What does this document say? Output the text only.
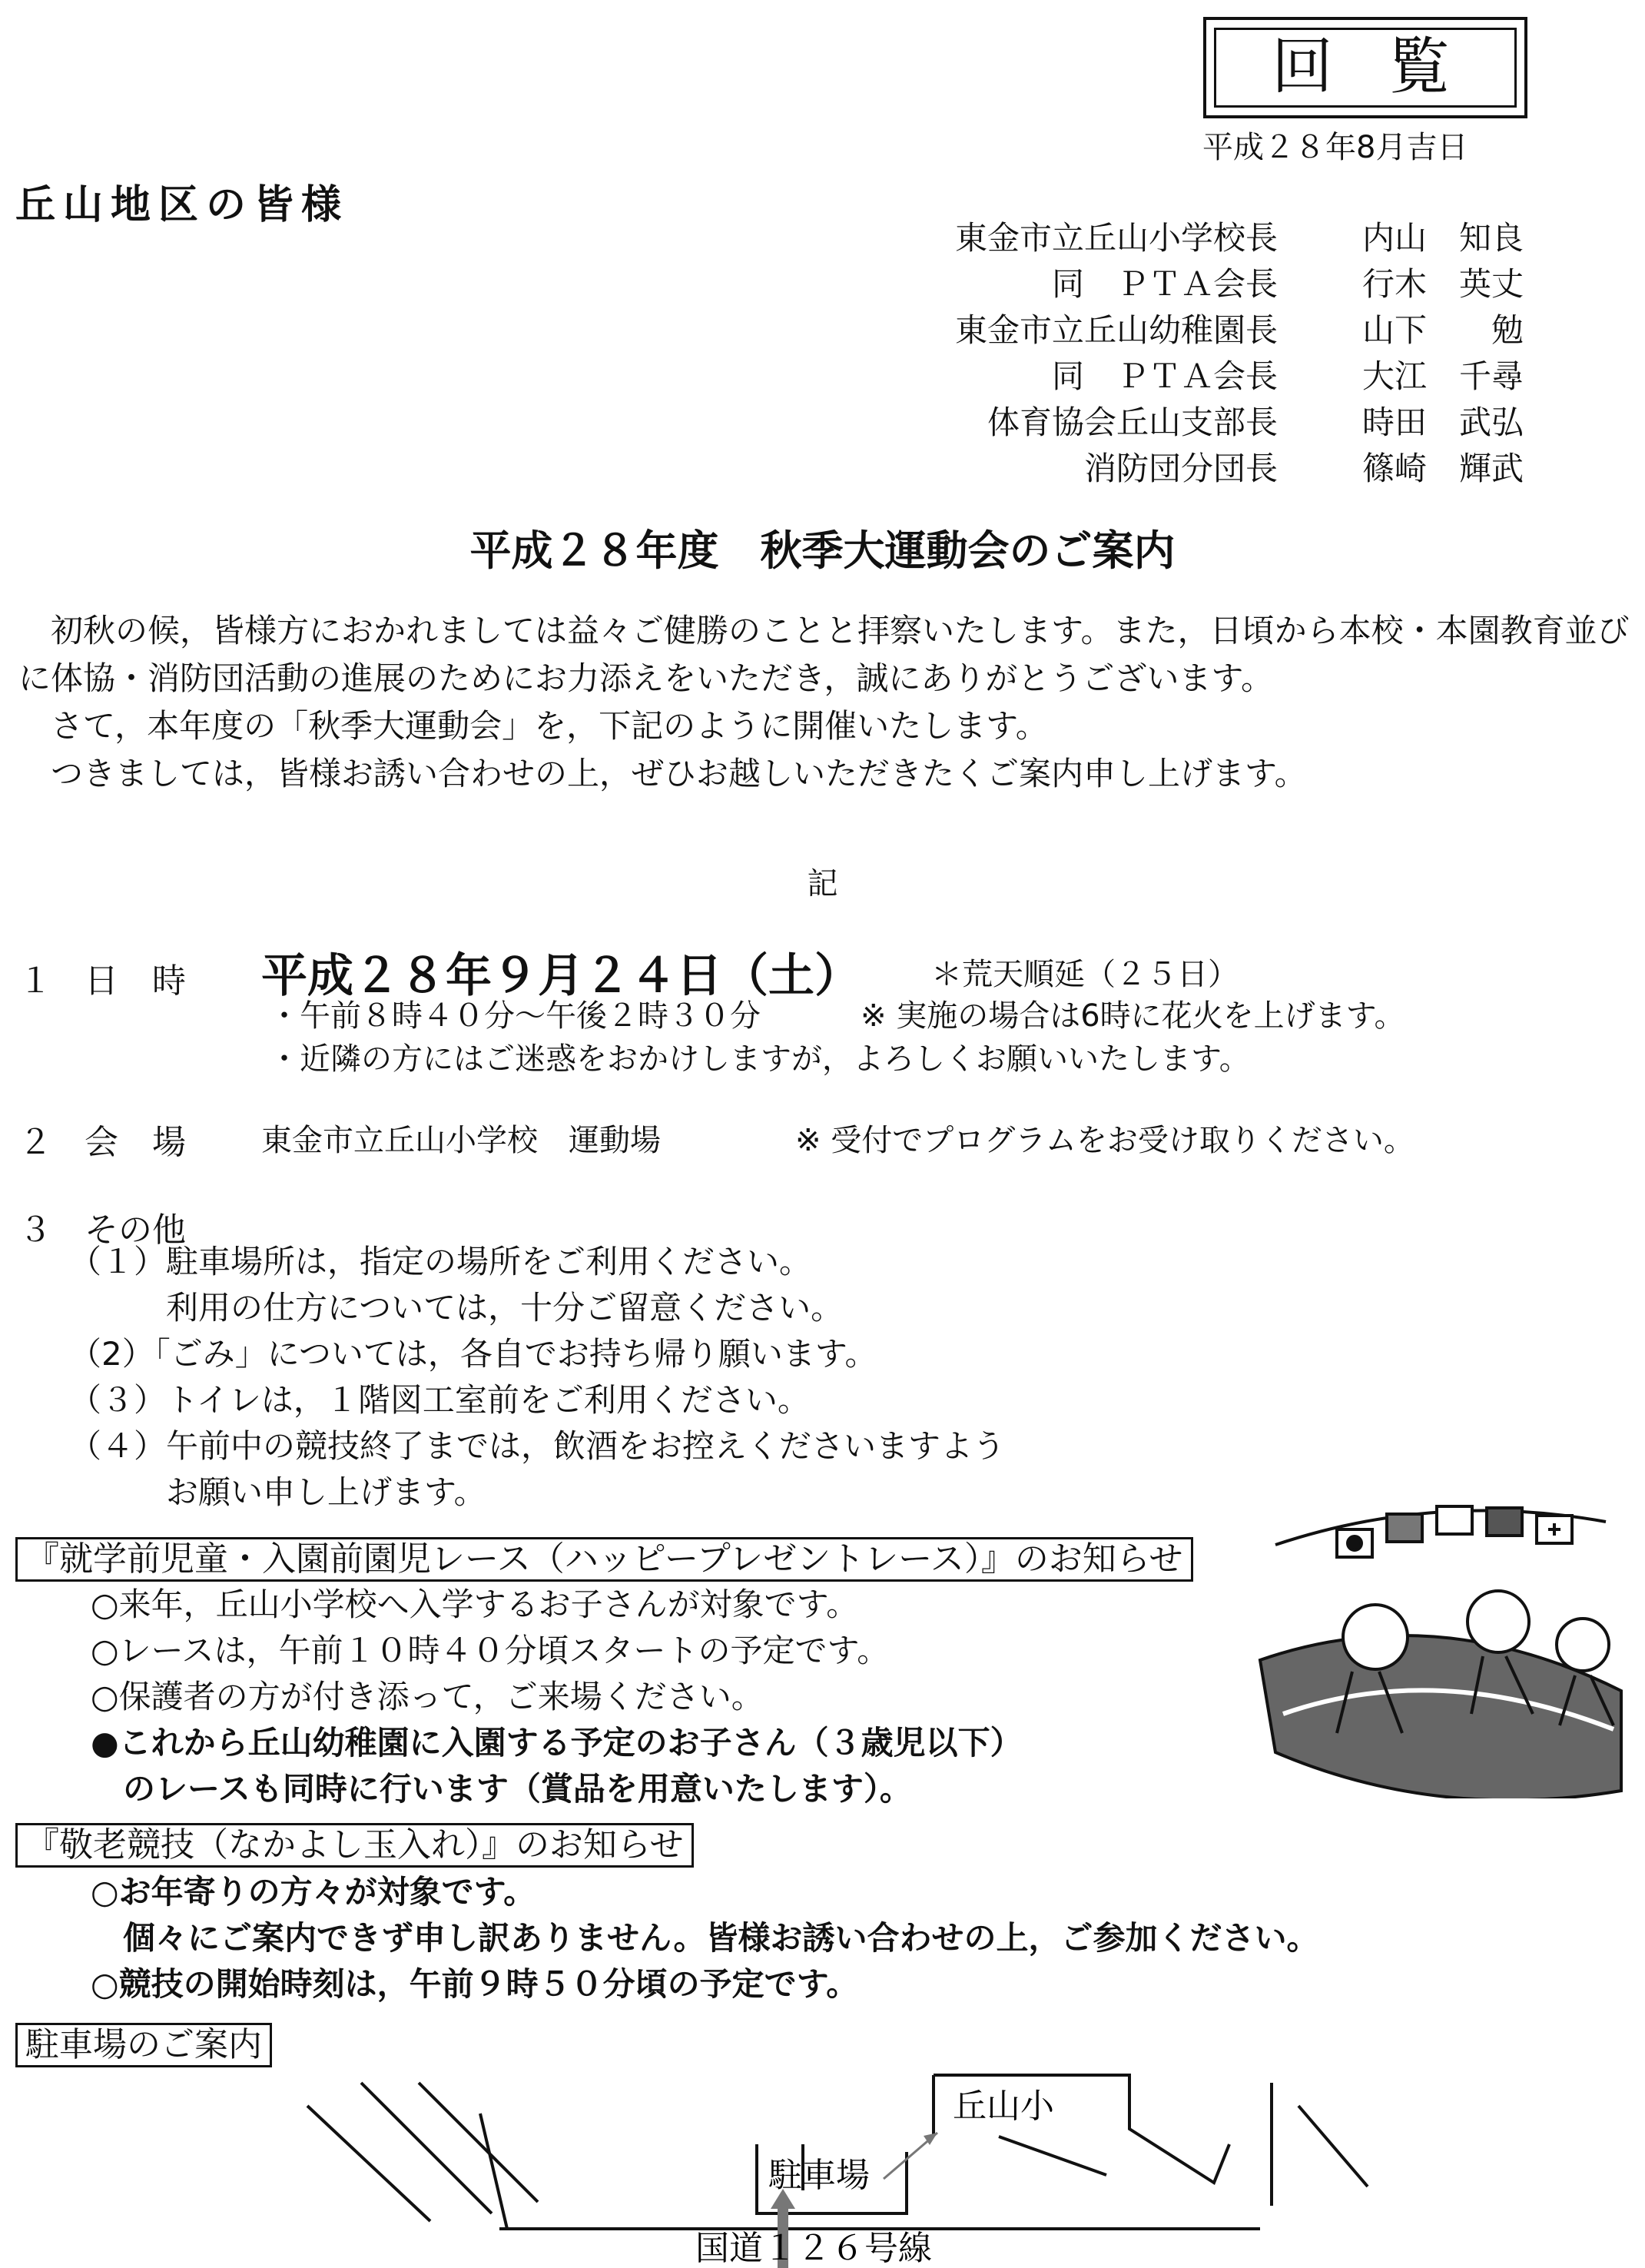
回覧
平成２８年8月吉日
丘山地区の皆様
東金市立丘山小学校長	内山　知良
同　ＰＴＡ会長	行木　英丈
東金市立丘山幼稚園長	山下　　勉
同　ＰＴＡ会長	大江　千尋
体育協会丘山支部長	時田　武弘
消防団分団長	篠崎　輝武
平成２８年度　秋季大運動会のご案内

　初秋の候，皆様方におかれましては益々ご健勝のことと拝察いたします。また，日頃から本校・本園教育並びに体協・消防団活動の進展のためにお力添えをいただき，誠にありがとうございます。

　さて，本年度の「秋季大運動会」を，下記のように開催いたします。

　つきましては，皆様お誘い合わせの上，ぜひお越しいただきたくご案内申し上げます。

記
１ 日　時 平成２８年９月２４日（土） ＊荒天順延（２５日）
・午前８時４０分～午後２時３０分	※ 実施の場合は6時に花火を上げます。
・近隣の方にはご迷惑をおかけしますが，よろしくお願いいたします。
２ 会　場 東金市立丘山小学校　運動場	※ 受付でプログラムをお受け取りください。
３ その他
（１）駐車場所は，指定の場所をご利用ください。
　　　利用の仕方については，十分ご留意ください。
（2）「ごみ」については，各自でお持ち帰り願います。
（３）トイレは，１階図工室前をご利用ください。
（４）午前中の競技終了までは，飲酒をお控えくださいますよう
　　　お願い申し上げます。
『就学前児童・入園前園児レース（ハッピープレゼントレース）』のお知らせ
○来年，丘山小学校へ入学するお子さんが対象です。
○レースは，午前１０時４０分頃スタートの予定です。
○保護者の方が付き添って，ご来場ください。
●これから丘山幼稚園に入園する予定のお子さん（３歳児以下）
　のレースも同時に行います（賞品を用意いたします）。
『敬老競技（なかよし玉入れ）』のお知らせ
○お年寄りの方々が対象です。
　個々にご案内できず申し訳ありません。皆様お誘い合わせの上，ご参加ください。
○競技の開始時刻は，午前９時５０分頃の予定です。
駐車場のご案内
丘山小
駐車場
国道１２６号線
